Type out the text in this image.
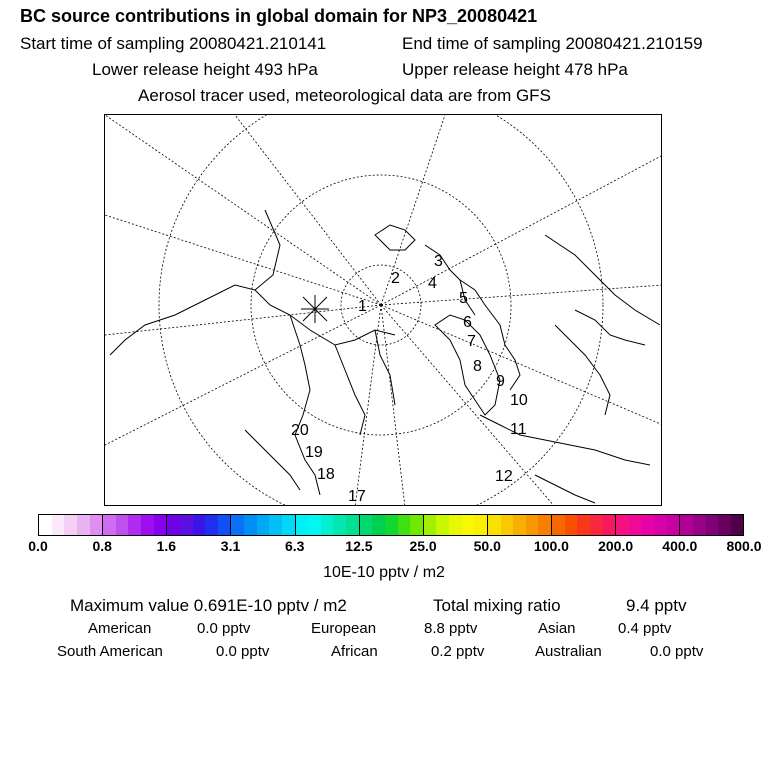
BC source contributions in global domain for NP3_20080421
Start time of sampling 20080421.210141	End time of sampling 20080421.210159
Lower release height 493 hPa	Upper release height 478 hPa
Aerosol tracer used, meteorological data are from GFS
1
2
3
4
5
6
7
8
9
10
11
12
17
18
19
20
0.0	0.8	1.6	3.1	6.3	12.5	25.0	50.0 100.0 200.0 400.0 800.0
10E-10 pptv / m2
Maximum value 0.691E-10 pptv / m2	Total mixing ratio	9.4 pptv
American	0.0 pptv	European	8.8 pptv	Asian	0.4 pptv
South American	0.0 pptv	African	0.2 pptv	Australian	0.0 pptv
